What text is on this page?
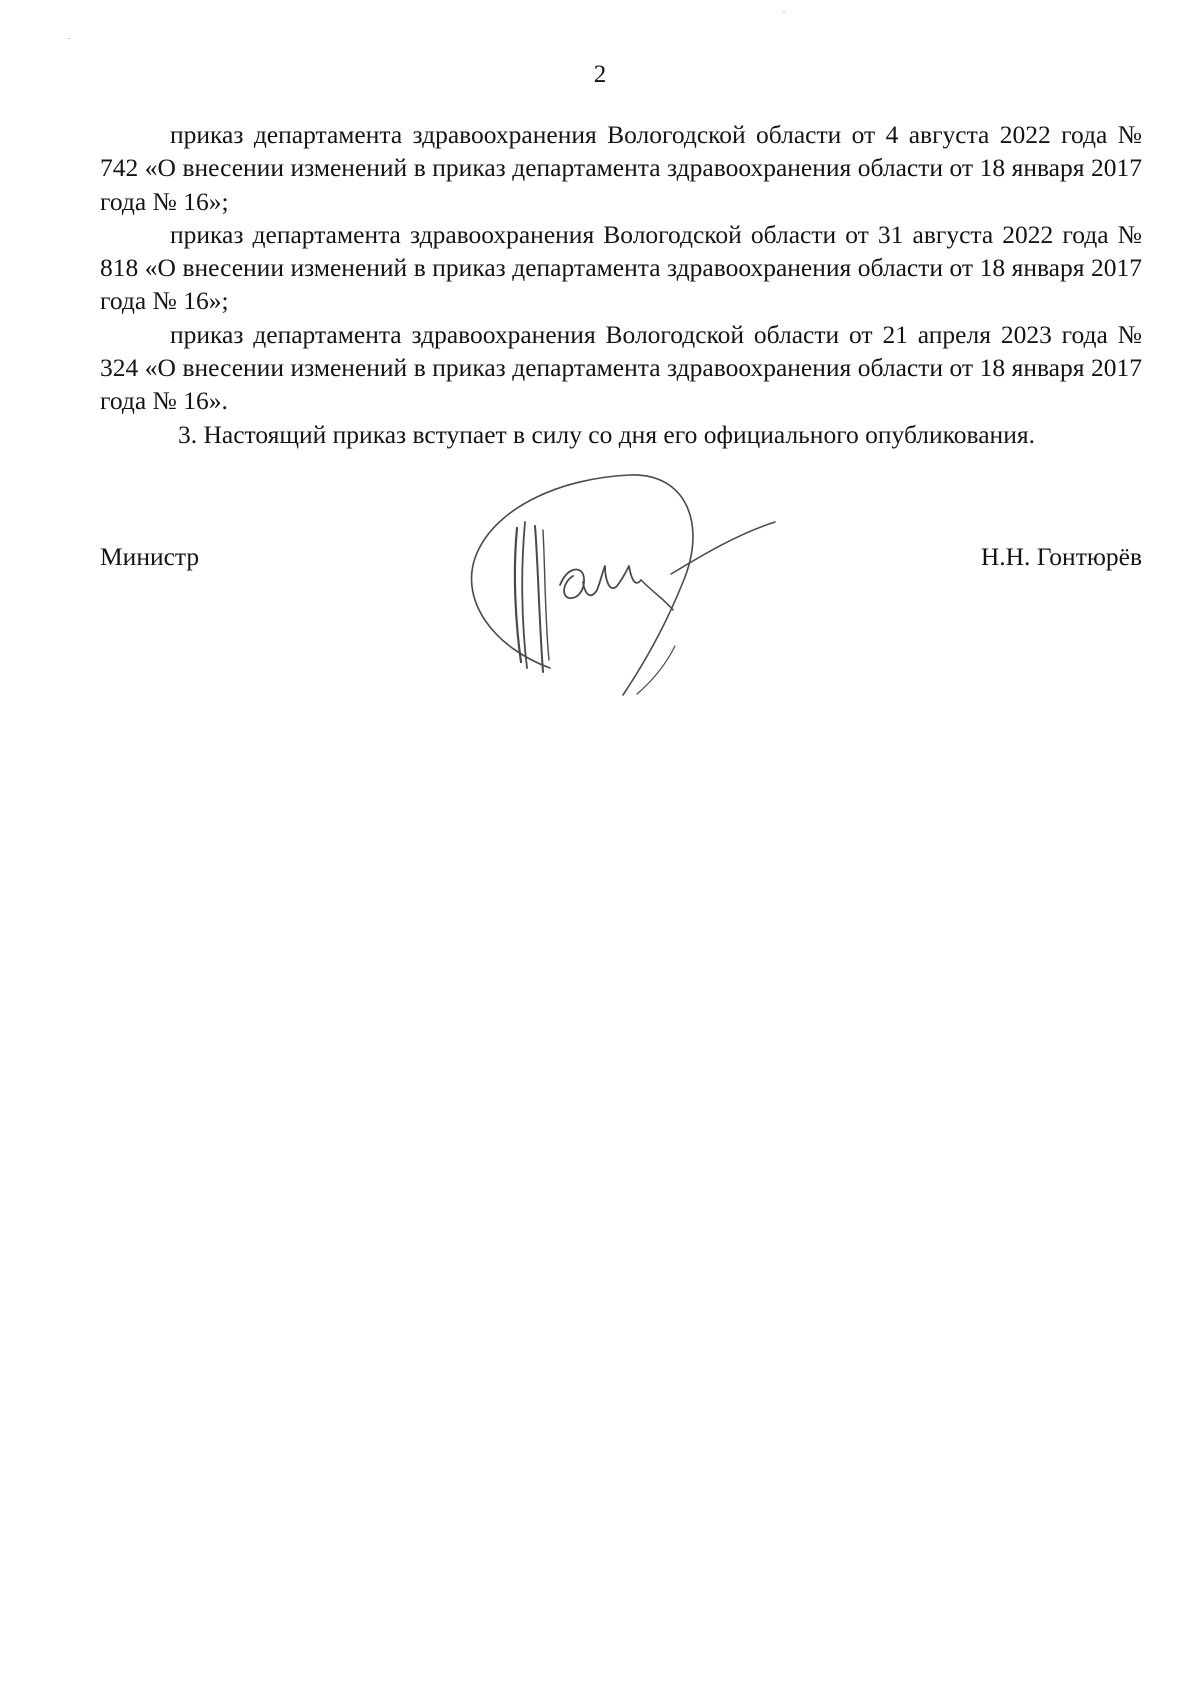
2

приказ департамента здравоохранения Вологодской области от 4 августа 2022 года № 742 «О внесении изменений в приказ департамента здравоохранения области от 18 января 2017 года № 16»;

приказ департамента здравоохранения Вологодской области от 31 августа 2022 года № 818 «О внесении изменений в приказ департамента здравоохранения области от 18 января 2017 года № 16»;

приказ департамента здравоохранения Вологодской области от 21 апреля 2023 года № 324 «О внесении изменений в приказ департамента здравоохранения области от 18 января 2017 года № 16».

3. Настоящий приказ вступает в силу со дня его официального опубликования.

Министр	Н.Н. Гонтюрёв
